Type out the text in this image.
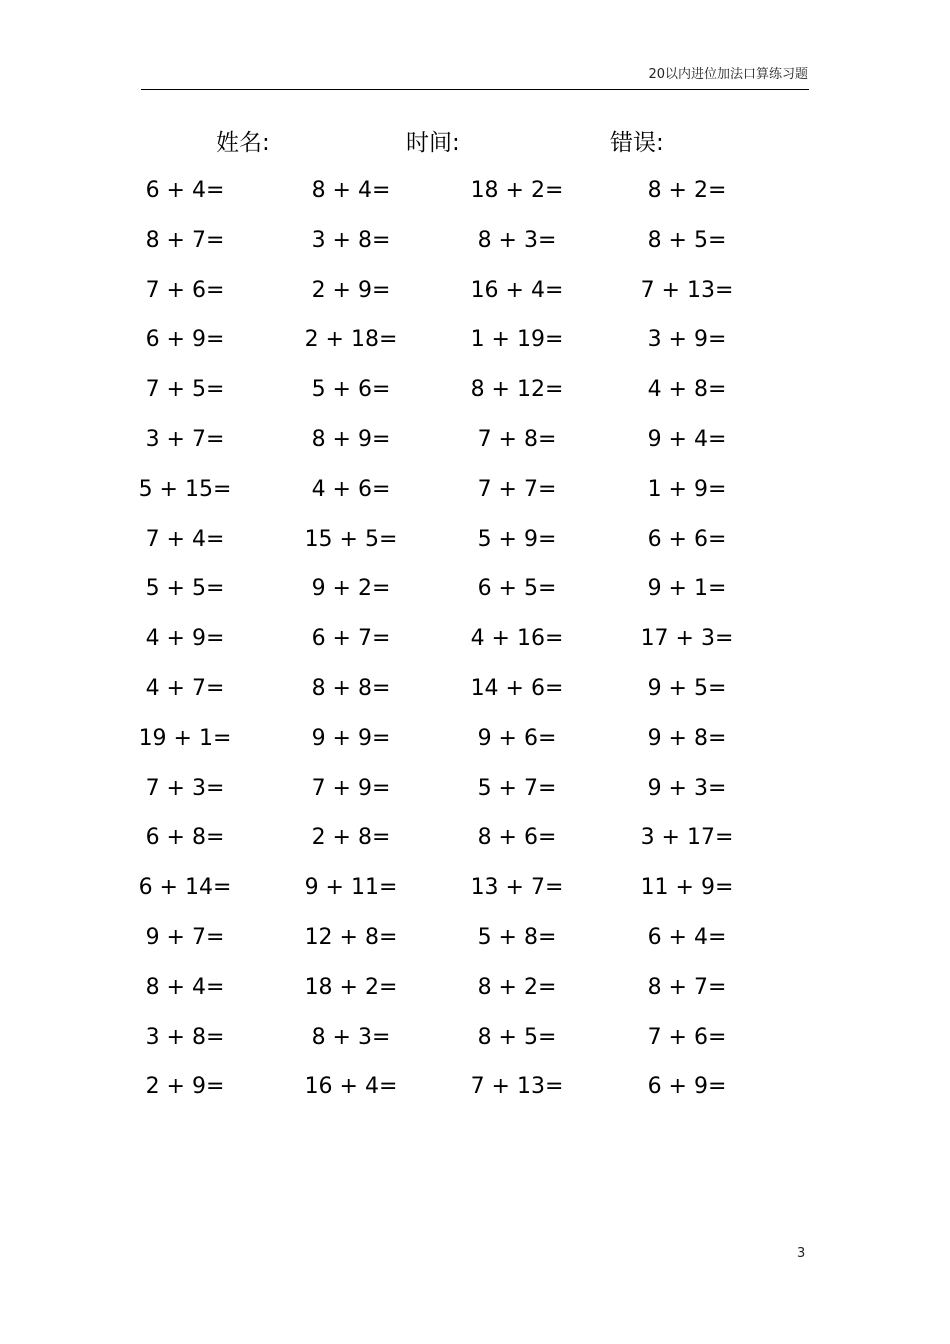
20以内进位加法口算练习题
姓名:	时间:	错误:
6 + 4=	8 + 4=	18 + 2=	8 + 2=
8 + 7=	3 + 8=	8 + 3=	8 + 5=
7 + 6=	2 + 9=	16 + 4=	7 + 13=
6 + 9=	2 + 18=	1 + 19=	3 + 9=
7 + 5=	5 + 6=	8 + 12=	4 + 8=
3 + 7=	8 + 9=	7 + 8=	9 + 4=
5 + 15=	4 + 6=	7 + 7=	1 + 9=
7 + 4=	15 + 5=	5 + 9=	6 + 6=
5 + 5=	9 + 2=	6 + 5=	9 + 1=
4 + 9=	6 + 7=	4 + 16=	17 + 3=
4 + 7=	8 + 8=	14 + 6=	9 + 5=
19 + 1=	9 + 9=	9 + 6=	9 + 8=
7 + 3=	7 + 9=	5 + 7=	9 + 3=
6 + 8=	2 + 8=	8 + 6=	3 + 17=
6 + 14=	9 + 11=	13 + 7=	11 + 9=
9 + 7=	12 + 8=	5 + 8=	6 + 4=
8 + 4=	18 + 2=	8 + 2=	8 + 7=
3 + 8=	8 + 3=	8 + 5=	7 + 6=
2 + 9=	16 + 4=	7 + 13=	6 + 9=
3
